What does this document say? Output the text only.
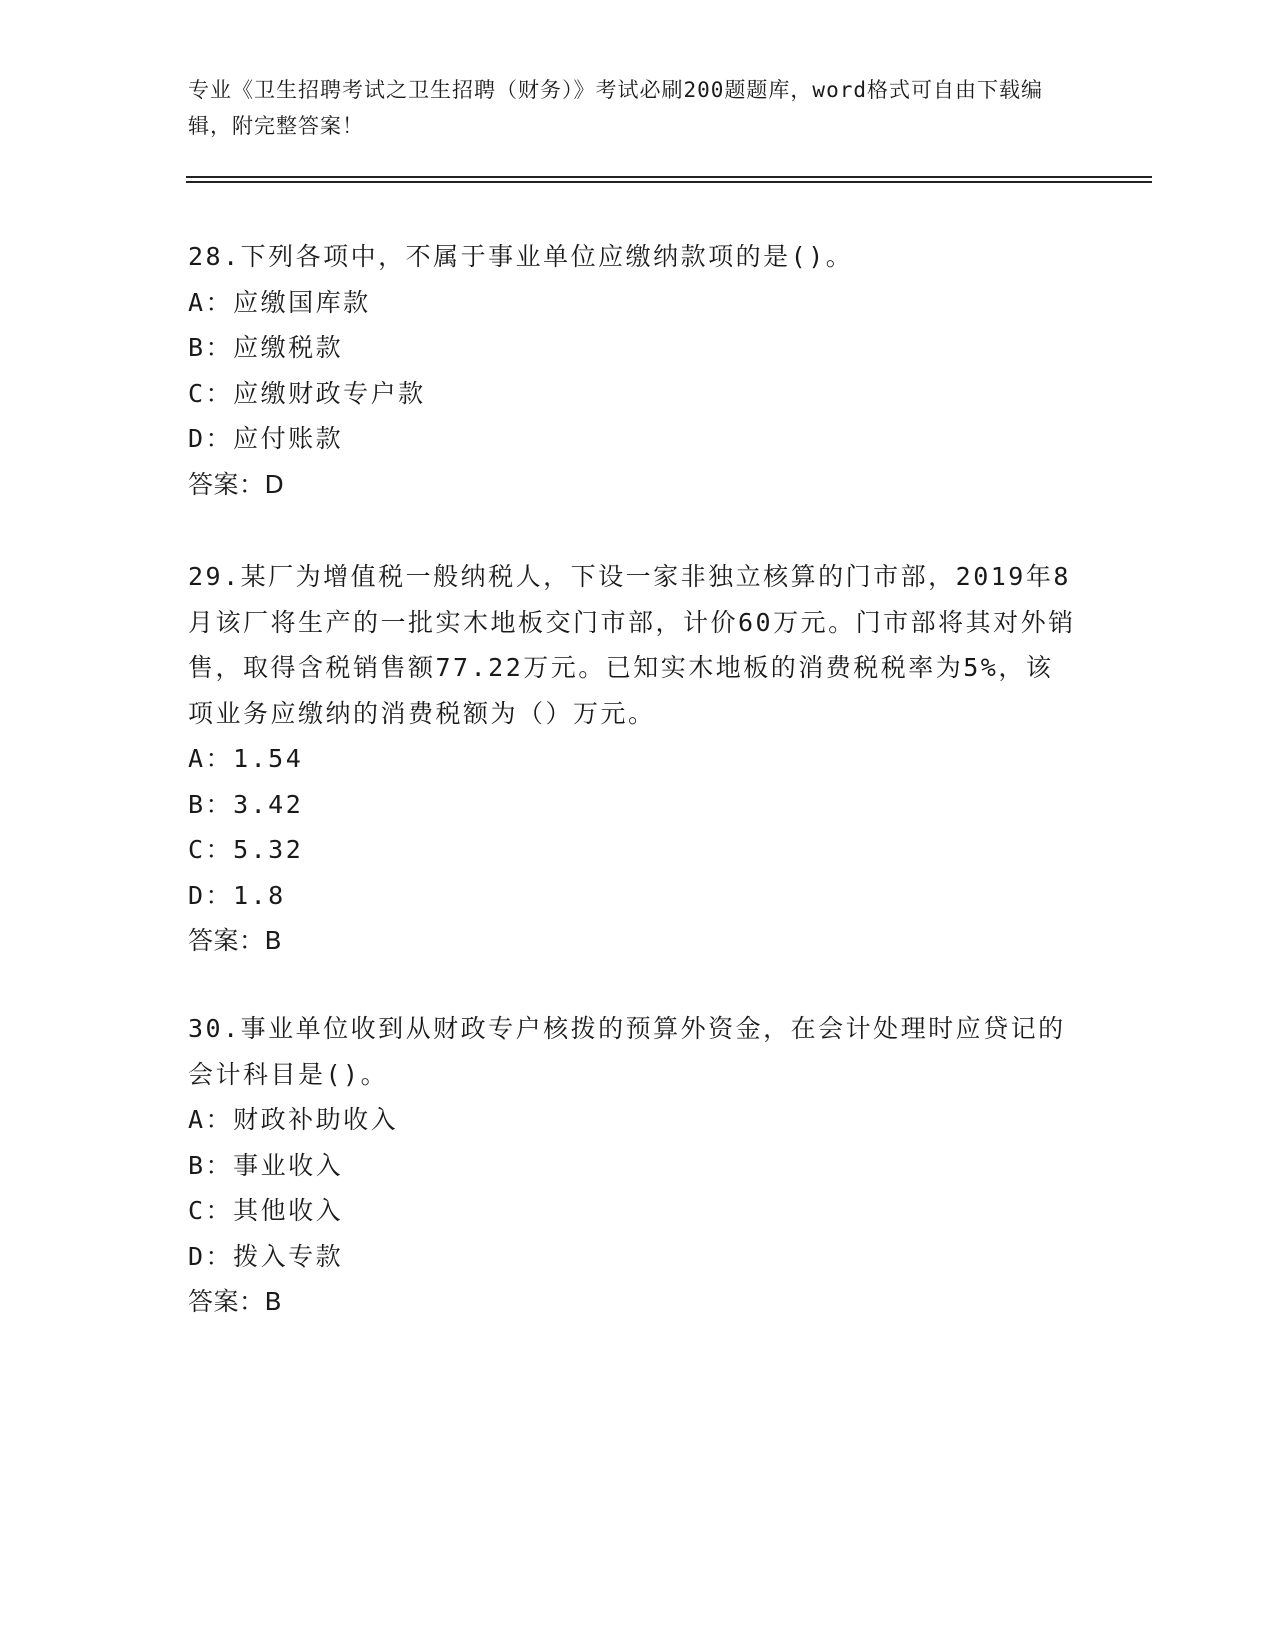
专业《卫生招聘考试之卫生招聘（财务）》考试必刷200题题库，word格式可自由下载编辑，附完整答案！

28.下列各项中，不属于事业单位应缴纳款项的是()。

A：应缴国库款

B：应缴税款

C：应缴财政专户款

D：应付账款

答案：D

29.某厂为增值税一般纳税人，下设一家非独立核算的门市部，2019年8月该厂将生产的一批实木地板交门市部，计价60万元。门市部将其对外销售，取得含税销售额77.22万元。已知实木地板的消费税税率为5%，该项业务应缴纳的消费税额为（）万元。

A：1.54

B：3.42

C：5.32

D：1.8

答案：B

30.事业单位收到从财政专户核拨的预算外资金，在会计处理时应贷记的会计科目是()。

A：财政补助收入

B：事业收入

C：其他收入

D：拨入专款

答案：B
